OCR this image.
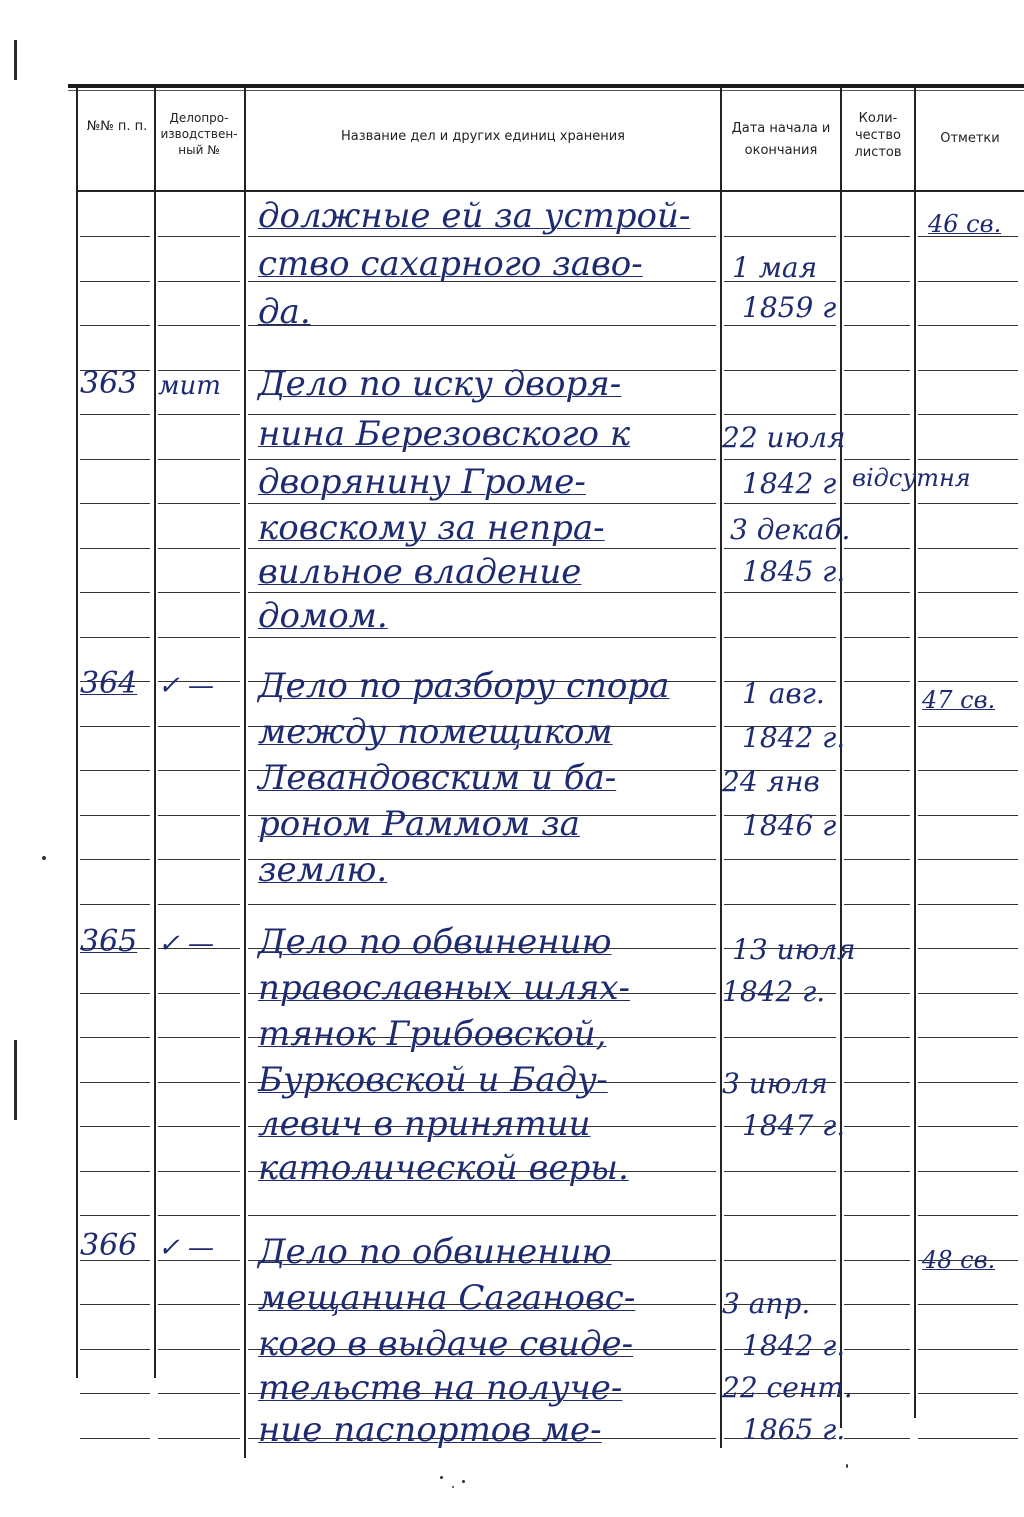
№№ п. п.
Делопро- изводствен- ный №
Название дел и других единиц хранения
Дата начала и окончания
Коли- чество листов
Отметки
должные ей за устрой-
ство сахарного заво-
да.
1 мая
1859 г
46 св.
363 мит Дело по иску двоpя-
нина Березовского к
дворянину Громе-
ковскому за непра-
вильное владение
домом.
22 июля
1842 г
3 декаб.
1845 г.
відсутня
364 ✓ — Дело по разбору спора
между помещиком
Левандовским и ба-
роном Раммом за
землю.
1 авг.
1842 г.
24 янв
1846 г
47 св.
365 ✓ — Дело по обвинению
православных шлях-
тянок Грибовской,
Бурковской и Бадy-
левич в принятии
католической веры.
13 июля
1842 г.
3 июля
1847 г.
366 ✓ — Дело по обвинению
мещанина Сагановс-
кого в выдаче свиде-
тельств на получе-
ние паспортов ме-
3 апр.
1842 г.
22 сент.
1865 г.
48 св.
